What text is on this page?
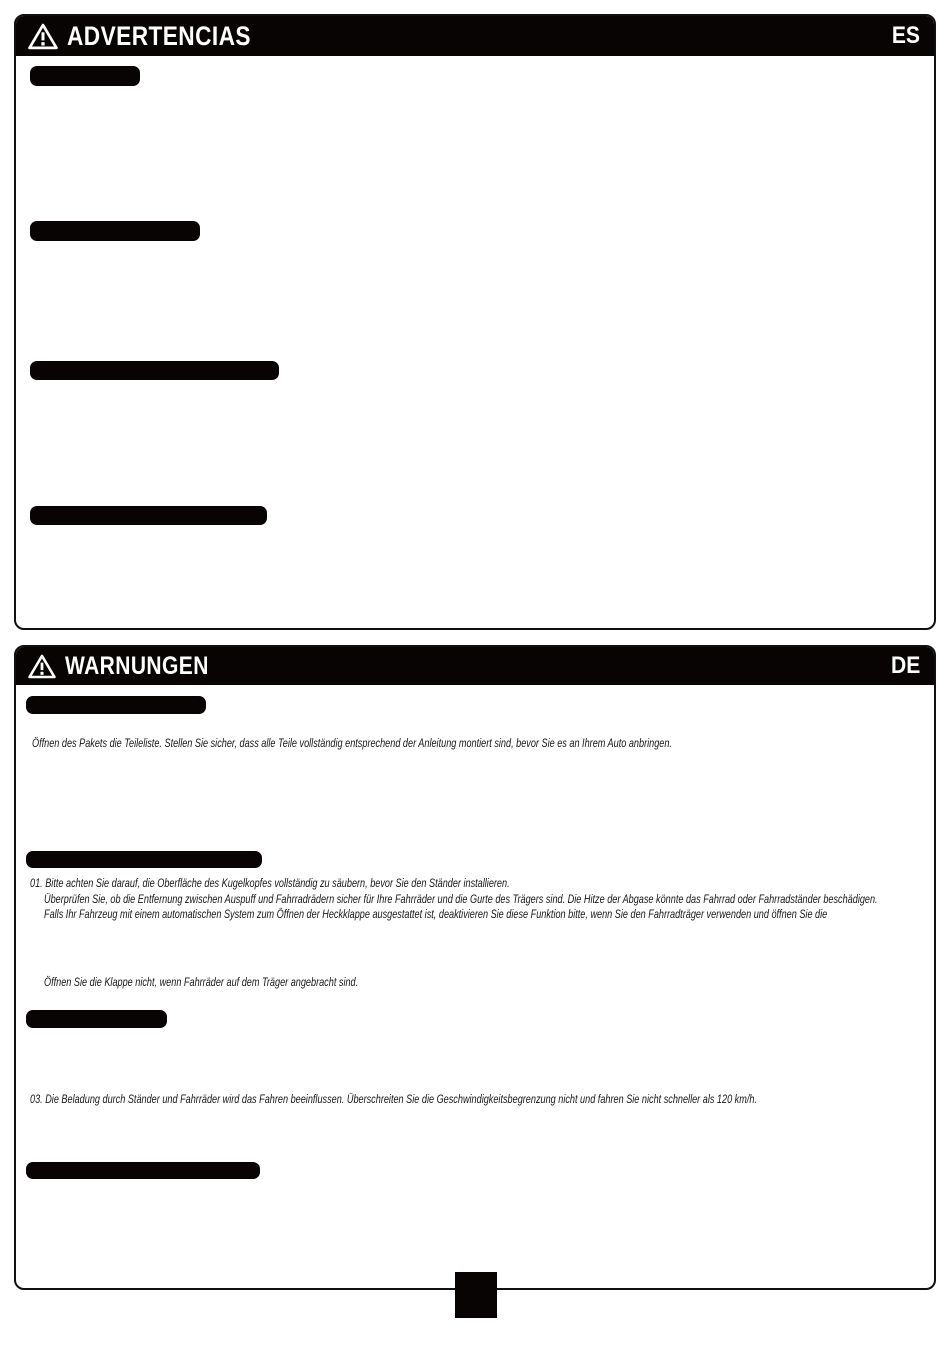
ADVERTENCIAS	ES
WARNUNGEN	DE

Öffnen des Pakets die Teileliste. Stellen Sie sicher, dass alle Teile vollständig entsprechend der Anleitung montiert sind, bevor Sie es an Ihrem Auto anbringen.

01. Bitte achten Sie darauf, die Oberfläche des Kugelkopfes vollständig zu säubern, bevor Sie den Ständer installieren.

Überprüfen Sie, ob die Entfernung zwischen Auspuff und Fahrradrädern sicher für Ihre Fahrräder und die Gurte des Trägers sind. Die Hitze der Abgase könnte das Fahrrad oder Fahrradständer beschädigen.

Falls Ihr Fahrzeug mit einem automatischen System zum Öffnen der Heckklappe ausgestattet ist, deaktivieren Sie diese Funktion bitte, wenn Sie den Fahrradträger verwenden und öffnen Sie die

Öffnen Sie die Klappe nicht, wenn Fahrräder auf dem Träger angebracht sind.

03. Die Beladung durch Ständer und Fahrräder wird das Fahren beeinflussen. Überschreiten Sie die Geschwindigkeitsbegrenzung nicht und fahren Sie nicht schneller als 120 km/h.
